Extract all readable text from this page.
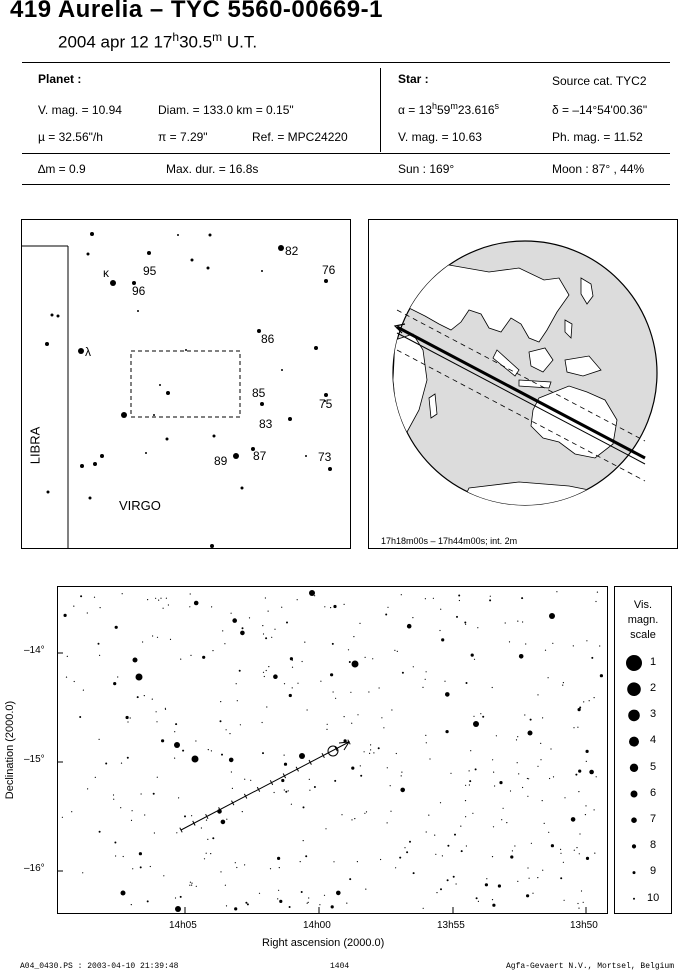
419 Aurelia – TYC 5560-00669-1
2004 apr 12 17$^h$30.5$^m$ U.T.
Planet :
V. mag. = 10.94	Diam. = 133.0 km = 0.15"
µ = 32.56"/h	π = 7.29"	Ref. = MPC24220
Star :	Source cat. TYC2
$\alpha = 13^h59^m23.616^s$	δ = –14°54'00.36"
V. mag. = 10.63	Ph. mag. = 11.52
∆m = 0.9	Max. dur. = 16.8s	Sun : 169°	Moon : 87° , 44%
LIBRA
VIRGO
82
76
95
96
κ
λ
86
85
75
83
89 87	73
17h18m00s – 17h44m00s; int. 2m
–14°
–15°
–16°
14h05	14h00	13h55	13h50
Right ascension (2000.0)
Declination (2000.0)
Vis.
magn.
scale
1
2
3
4
5
6
7
8
9
10
A04_0430.PS : 2003-04-10 21:39:48	1404	Agfa-Gevaert N.V., Mortsel, Belgium
